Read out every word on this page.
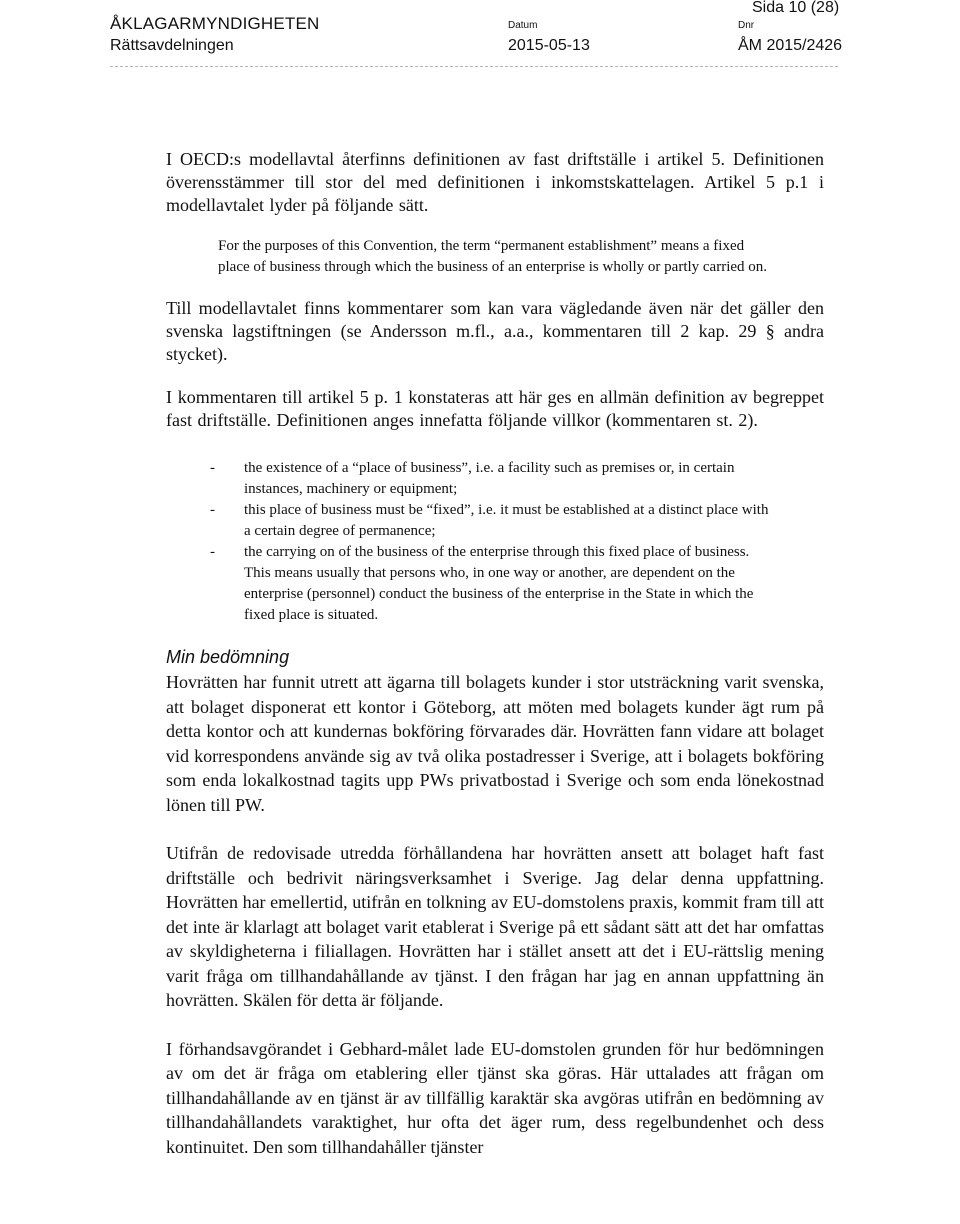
ÅKLAGARMYNDIGHETEN
Rättsavdelningen
Datum
2015-05-13
Dnr
ÅM 2015/2426
Sida 10 (28)

I OECD:s modellavtal återfinns definitionen av fast driftställe i artikel 5. Definitionen överensstämmer till stor del med definitionen i inkomstskattelagen. Artikel 5 p.1 i modellavtalet lyder på följande sätt.

For the purposes of this Convention, the term “permanent establishment” means a fixed place of business through which the business of an enterprise is wholly or partly carried on.

Till modellavtalet finns kommentarer som kan vara vägledande även när det gäller den svenska lagstiftningen (se Andersson m.fl., a.a., kommentaren till 2 kap. 29 § andra stycket).

I kommentaren till artikel 5 p. 1 konstateras att här ges en allmän definition av begreppet fast driftställe. Definitionen anges innefatta följande villkor (kommentaren st. 2).

- the existence of a “place of business”, i.e. a facility such as premises or, in certain instances, machinery or equipment;
- this place of business must be “fixed”, i.e. it must be established at a distinct place with a certain degree of permanence;
- the carrying on of the business of the enterprise through this fixed place of business. This means usually that persons who, in one way or another, are dependent on the enterprise (personnel) conduct the business of the enterprise in the State in which the fixed place is situated.
Min bedömning

Hovrätten har funnit utrett att ägarna till bolagets kunder i stor utsträckning varit svenska, att bolaget disponerat ett kontor i Göteborg, att möten med bolagets kunder ägt rum på detta kontor och att kundernas bokföring förvarades där. Hovrätten fann vidare att bolaget vid korrespondens använde sig av två olika postadresser i Sverige, att i bolagets bokföring som enda lokalkostnad tagits upp PWs privatbostad i Sverige och som enda lönekostnad lönen till PW.

Utifrån de redovisade utredda förhållandena har hovrätten ansett att bolaget haft fast driftställe och bedrivit näringsverksamhet i Sverige. Jag delar denna uppfattning. Hovrätten har emellertid, utifrån en tolkning av EU-domstolens praxis, kommit fram till att det inte är klarlagt att bolaget varit etablerat i Sverige på ett sådant sätt att det har omfattas av skyldigheterna i filiallagen. Hovrätten har i stället ansett att det i EU-rättslig mening varit fråga om tillhandahållande av tjänst. I den frågan har jag en annan uppfattning än hovrätten. Skälen för detta är följande.

I förhandsavgörandet i Gebhard-målet lade EU-domstolen grunden för hur bedömningen av om det är fråga om etablering eller tjänst ska göras. Här uttalades att frågan om tillhandahållande av en tjänst är av tillfällig karaktär ska avgöras utifrån en bedömning av tillhandahållandets varaktighet, hur ofta det äger rum, dess regelbundenhet och dess kontinuitet. Den som tillhandahåller tjänster
